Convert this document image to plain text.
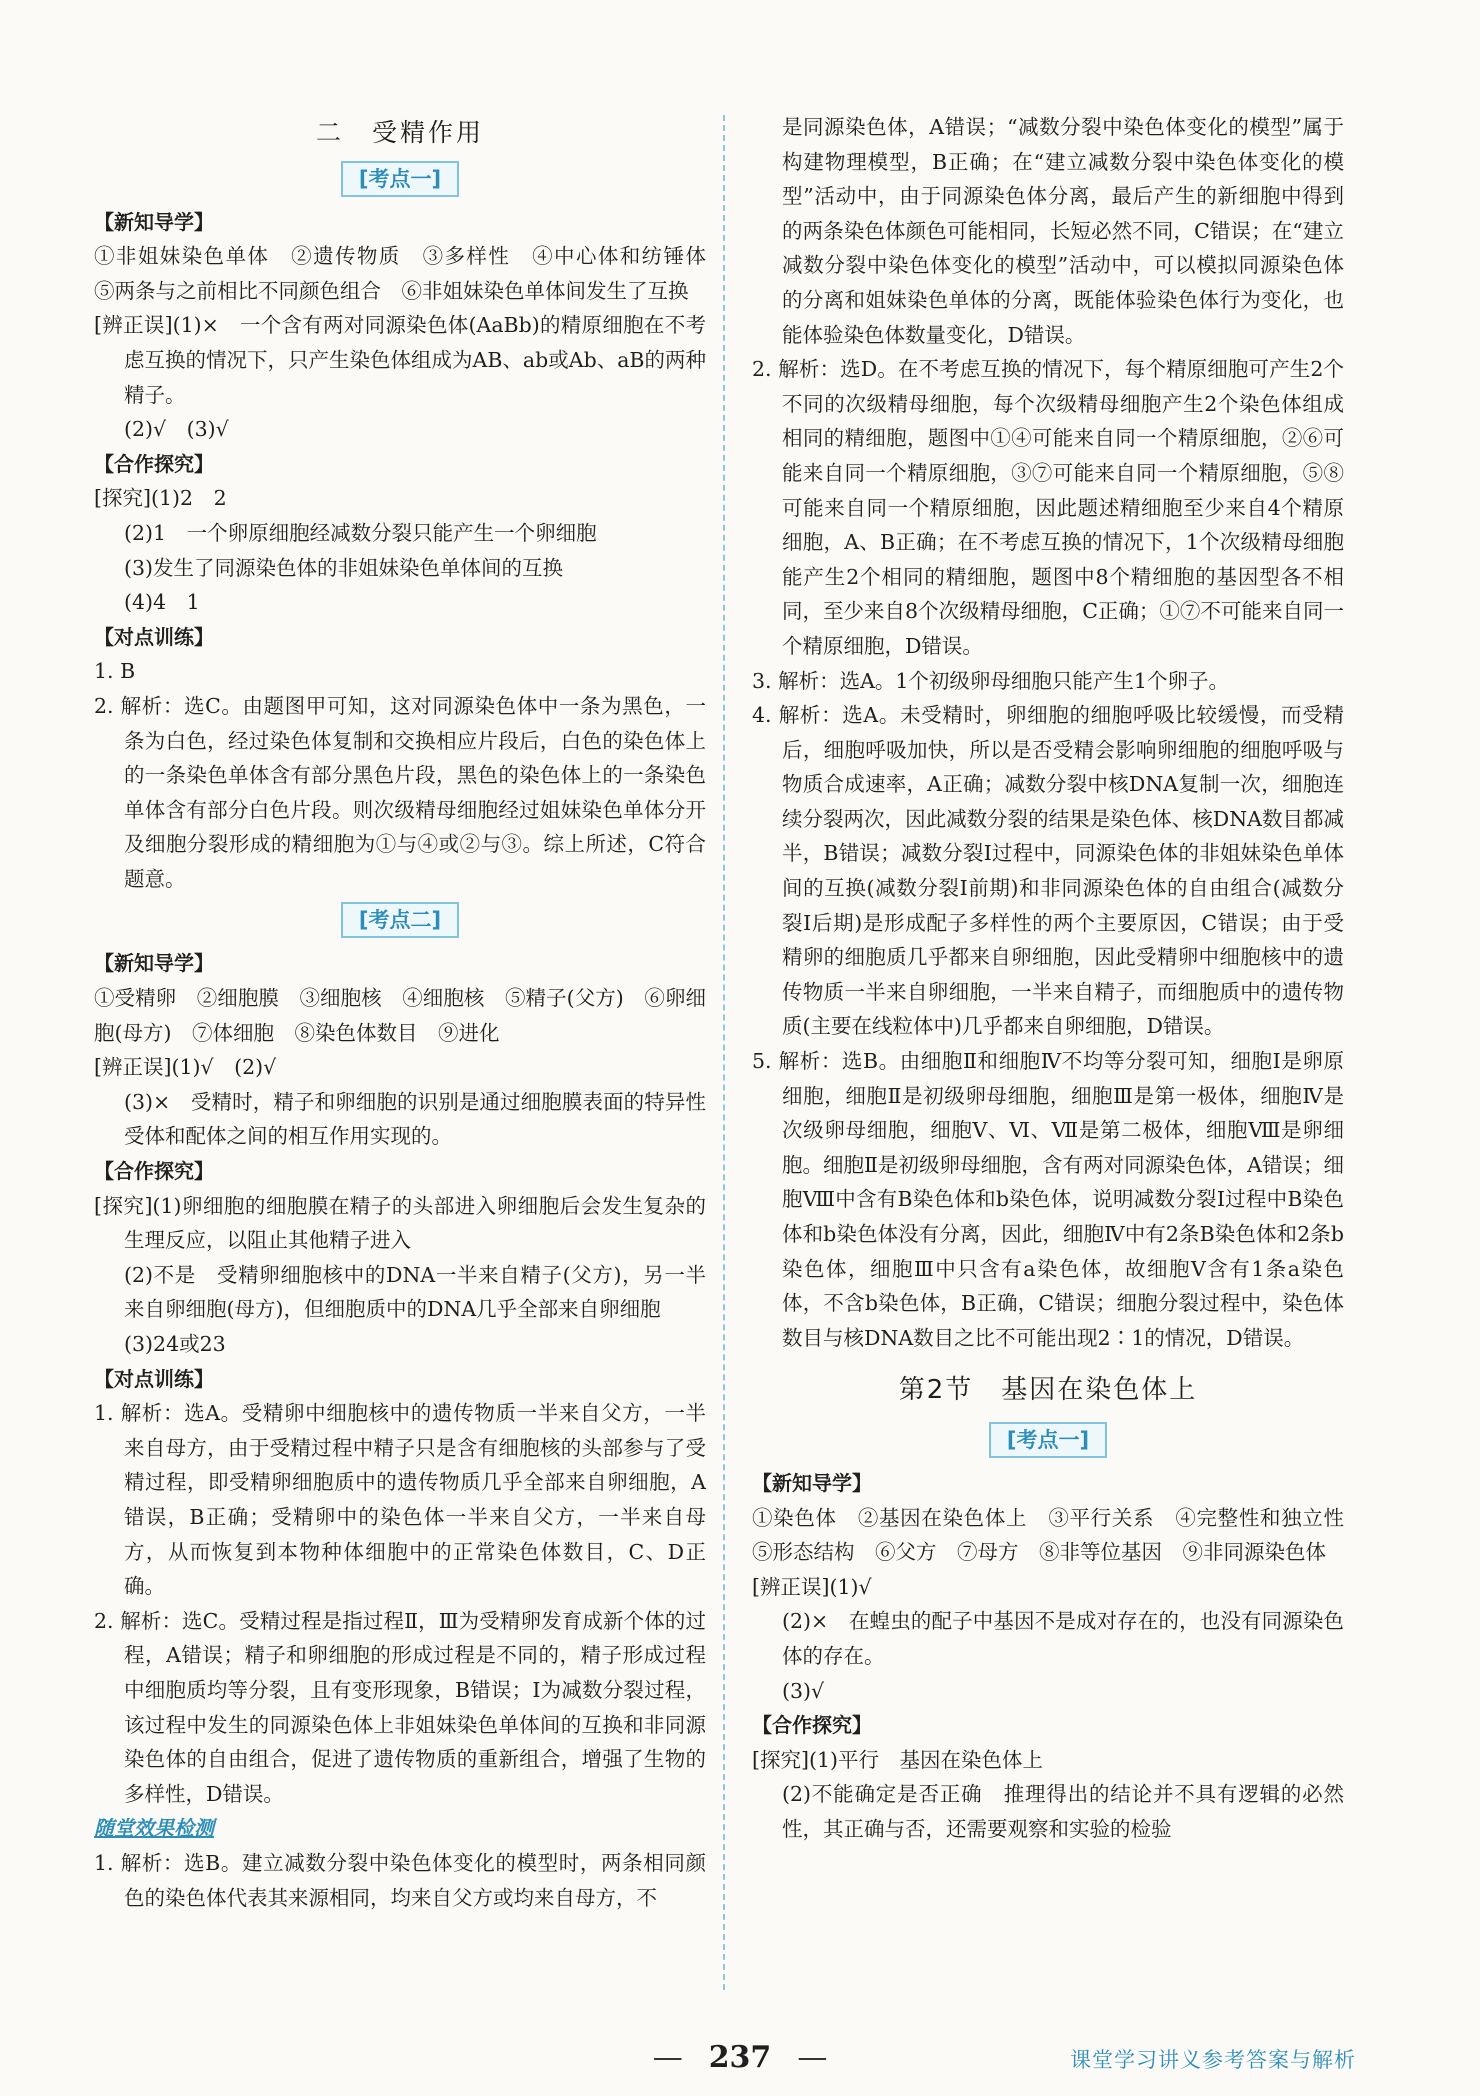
二　受精作用
[考点一]

【新知导学】

①非姐妹染色单体　②遗传物质　③多样性　④中心体和纺锤体　⑤两条与之前相比不同颜色组合　⑥非姐妹染色单体间发生了互换

[辨正误](1)×　一个含有两对同源染色体(AaBb)的精原细胞在不考虑互换的情况下，只产生染色体组成为AB、ab或Ab、aB的两种精子。

(2)√　(3)√

【合作探究】

[探究](1)2　2

(2)1　一个卵原细胞经减数分裂只能产生一个卵细胞

(3)发生了同源染色体的非姐妹染色单体间的互换

(4)4　1

【对点训练】

1. B

2. 解析：选C。由题图甲可知，这对同源染色体中一条为黑色，一条为白色，经过染色体复制和交换相应片段后，白色的染色体上的一条染色单体含有部分黑色片段，黑色的染色体上的一条染色单体含有部分白色片段。则次级精母细胞经过姐妹染色单体分开及细胞分裂形成的精细胞为①与④或②与③。综上所述，C符合题意。

[考点二]

【新知导学】

①受精卵　②细胞膜　③细胞核　④细胞核　⑤精子(父方)　⑥卵细胞(母方)　⑦体细胞　⑧染色体数目　⑨进化

[辨正误](1)√　(2)√

(3)×　受精时，精子和卵细胞的识别是通过细胞膜表面的特异性受体和配体之间的相互作用实现的。

【合作探究】

[探究](1)卵细胞的细胞膜在精子的头部进入卵细胞后会发生复杂的生理反应，以阻止其他精子进入

(2)不是　受精卵细胞核中的DNA一半来自精子(父方)，另一半来自卵细胞(母方)，但细胞质中的DNA几乎全部来自卵细胞

(3)24或23

【对点训练】

1. 解析：选A。受精卵中细胞核中的遗传物质一半来自父方，一半来自母方，由于受精过程中精子只是含有细胞核的头部参与了受精过程，即受精卵细胞质中的遗传物质几乎全部来自卵细胞，A错误，B正确；受精卵中的染色体一半来自父方，一半来自母方，从而恢复到本物种体细胞中的正常染色体数目，C、D正确。

2. 解析：选C。受精过程是指过程Ⅱ，Ⅲ为受精卵发育成新个体的过程，A错误；精子和卵细胞的形成过程是不同的，精子形成过程中细胞质均等分裂，且有变形现象，B错误；Ⅰ为减数分裂过程，该过程中发生的同源染色体上非姐妹染色单体间的互换和非同源染色体的自由组合，促进了遗传物质的重新组合，增强了生物的多样性，D错误。

随堂效果检测

1. 解析：选B。建立减数分裂中染色体变化的模型时，两条相同颜色的染色体代表其来源相同，均来自父方或均来自母方，不

是同源染色体，A错误；“减数分裂中染色体变化的模型”属于构建物理模型，B正确；在“建立减数分裂中染色体变化的模型”活动中，由于同源染色体分离，最后产生的新细胞中得到的两条染色体颜色可能相同，长短必然不同，C错误；在“建立减数分裂中染色体变化的模型”活动中，可以模拟同源染色体的分离和姐妹染色单体的分离，既能体验染色体行为变化，也能体验染色体数量变化，D错误。

2. 解析：选D。在不考虑互换的情况下，每个精原细胞可产生2个不同的次级精母细胞，每个次级精母细胞产生2个染色体组成相同的精细胞，题图中①④可能来自同一个精原细胞，②⑥可能来自同一个精原细胞，③⑦可能来自同一个精原细胞，⑤⑧可能来自同一个精原细胞，因此题述精细胞至少来自4个精原细胞，A、B正确；在不考虑互换的情况下，1个次级精母细胞能产生2个相同的精细胞，题图中8个精细胞的基因型各不相同，至少来自8个次级精母细胞，C正确；①⑦不可能来自同一个精原细胞，D错误。

3. 解析：选A。1个初级卵母细胞只能产生1个卵子。

4. 解析：选A。未受精时，卵细胞的细胞呼吸比较缓慢，而受精后，细胞呼吸加快，所以是否受精会影响卵细胞的细胞呼吸与物质合成速率，A正确；减数分裂中核DNA复制一次，细胞连续分裂两次，因此减数分裂的结果是染色体、核DNA数目都减半，B错误；减数分裂Ⅰ过程中，同源染色体的非姐妹染色单体间的互换(减数分裂Ⅰ前期)和非同源染色体的自由组合(减数分裂Ⅰ后期)是形成配子多样性的两个主要原因，C错误；由于受精卵的细胞质几乎都来自卵细胞，因此受精卵中细胞核中的遗传物质一半来自卵细胞，一半来自精子，而细胞质中的遗传物质(主要在线粒体中)几乎都来自卵细胞，D错误。

5. 解析：选B。由细胞Ⅱ和细胞Ⅳ不均等分裂可知，细胞Ⅰ是卵原细胞，细胞Ⅱ是初级卵母细胞，细胞Ⅲ是第一极体，细胞Ⅳ是次级卵母细胞，细胞Ⅴ、Ⅵ、Ⅶ是第二极体，细胞Ⅷ是卵细胞。细胞Ⅱ是初级卵母细胞，含有两对同源染色体，A错误；细胞Ⅷ中含有B染色体和b染色体，说明减数分裂Ⅰ过程中B染色体和b染色体没有分离，因此，细胞Ⅳ中有2条B染色体和2条b染色体，细胞Ⅲ中只含有a染色体，故细胞Ⅴ含有1条a染色体，不含b染色体，B正确，C错误；细胞分裂过程中，染色体数目与核DNA数目之比不可能出现2∶1的情况，D错误。

第2节　基因在染色体上
[考点一]

【新知导学】

①染色体　②基因在染色体上　③平行关系　④完整性和独立性　⑤形态结构　⑥父方　⑦母方　⑧非等位基因　⑨非同源染色体

[辨正误](1)√

(2)×　在蝗虫的配子中基因不是成对存在的，也没有同源染色体的存在。

(3)√

【合作探究】

[探究](1)平行　基因在染色体上

(2)不能确定是否正确　推理得出的结论并不具有逻辑的必然性，其正确与否，还需要观察和实验的检验

— 237 —	课堂学习讲义参考答案与解析
